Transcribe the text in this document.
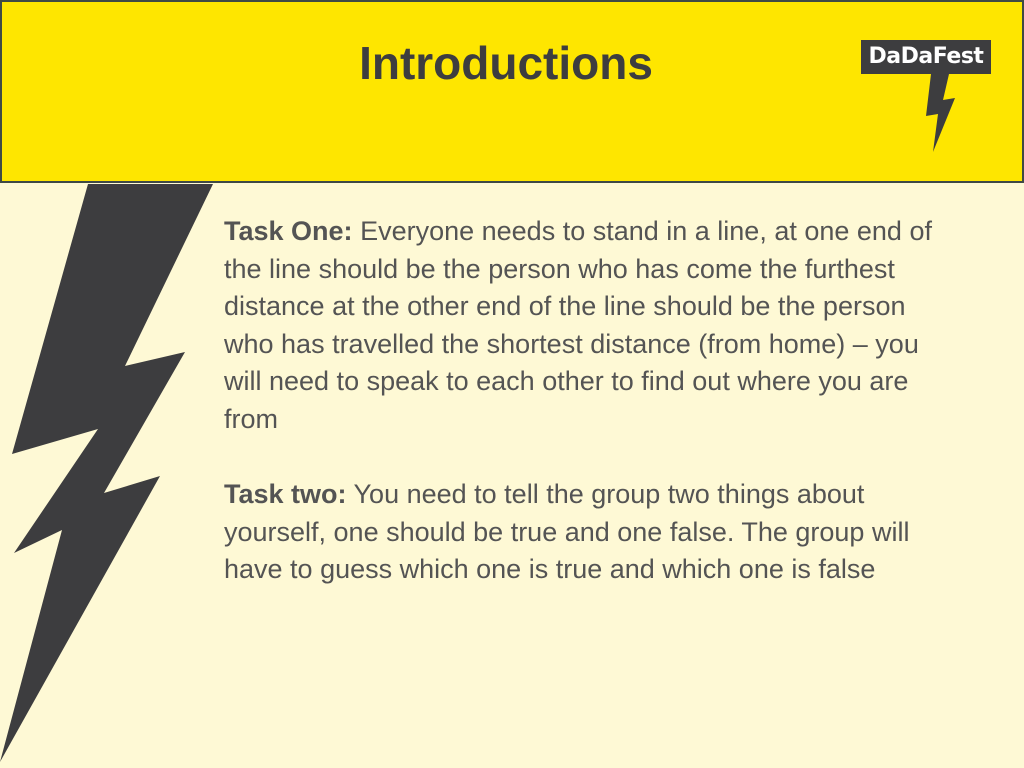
Introductions	DaDaFest

Task One: Everyone needs to stand in a line, at one end of the line should be the person who has come the furthest distance at the other end of the line should be the person who has travelled the shortest distance (from home) – you will need to speak to each other to find out where you are from

Task two: You need to tell the group two things about yourself, one should be true and one false. The group will have to guess which one is true and which one is false
